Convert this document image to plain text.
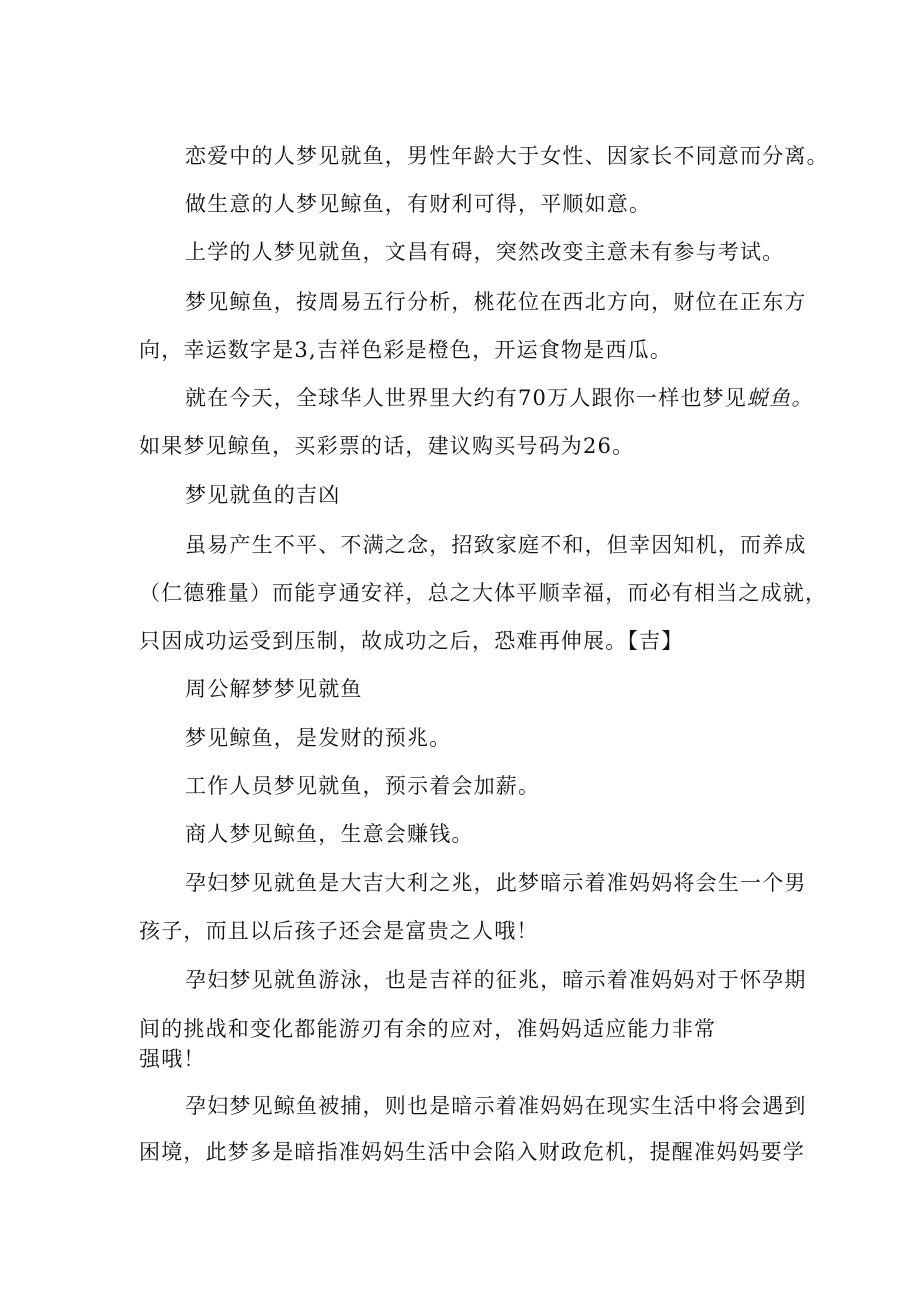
恋爱中的人梦见就鱼，男性年龄大于女性、因家长不同意而分离。
做生意的人梦见鲸鱼，有财利可得，平顺如意。
上学的人梦见就鱼，文昌有碍，突然改变主意未有参与考试。
梦见鲸鱼，按周易五行分析，桃花位在西北方向，财位在正东方
向，幸运数字是3,吉祥色彩是橙色，开运食物是西瓜。
就在今天，全球华人世界里大约有70万人跟你一样也梦见蜕鱼。
如果梦见鲸鱼，买彩票的话，建议购买号码为26。
梦见就鱼的吉凶
虽易产生不平、不满之念，招致家庭不和，但幸因知机，而养成
（仁德雅量）而能亨通安祥，总之大体平顺幸福，而必有相当之成就，
只因成功运受到压制，故成功之后，恐难再伸展。【吉】
周公解梦梦见就鱼
梦见鲸鱼，是发财的预兆。
工作人员梦见就鱼，预示着会加薪。
商人梦见鲸鱼，生意会赚钱。
孕妇梦见就鱼是大吉大利之兆，此梦暗示着准妈妈将会生一个男
孩子，而且以后孩子还会是富贵之人哦！
孕妇梦见就鱼游泳，也是吉祥的征兆，暗示着准妈妈对于怀孕期
间的挑战和变化都能游刃有余的应对，准妈妈适应能力非常
强哦！
孕妇梦见鲸鱼被捕，则也是暗示着准妈妈在现实生活中将会遇到
困境，此梦多是暗指准妈妈生活中会陷入财政危机，提醒准妈妈要学
